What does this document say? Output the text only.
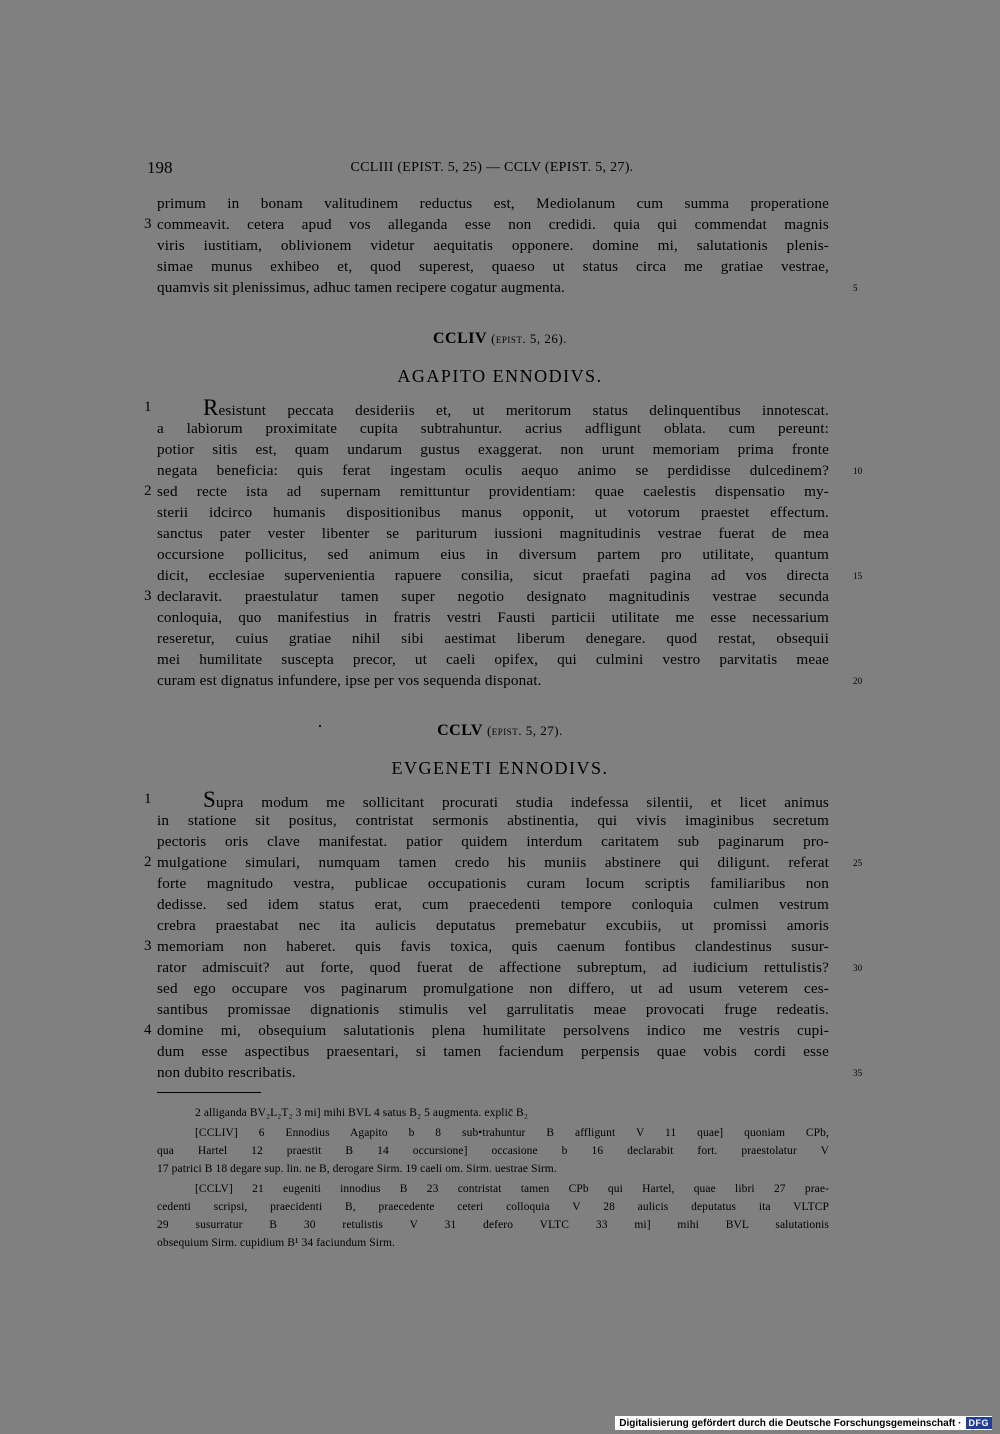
198	CCLIII (EPIST. 5, 25) — CCLV (EPIST. 5, 27).
primum in bonam valitudinem reductus est, Mediolanum cum summa properatione
3 commeavit. cetera apud vos alleganda esse non credidi. quia qui commendat magnis
viris iustitiam, oblivionem videtur aequitatis opponere. domine mi, salutationis plenis-
simae munus exhibeo et, quod superest, quaeso ut status circa me gratiae vestrae,
quamvis sit plenissimus, adhuc tamen recipere cogatur augmenta.	5
CCLIV (epist. 5, 26).
AGAPITO ENNODIVS.
1	Resistunt peccata desideriis et, ut meritorum status delinquentibus innotescat.
a labiorum proximitate cupita subtrahuntur. acrius adfligunt oblata. cum pereunt:
potior sitis est, quam undarum gustus exaggerat. non urunt memoriam prima fronte
negata beneficia: quis ferat ingestam oculis aequo animo se perdidisse dulcedinem?	10
2 sed recte ista ad supernam remittuntur providentiam: quae caelestis dispensatio my-
sterii idcirco humanis dispositionibus manus opponit, ut votorum praestet effectum.
sanctus pater vester libenter se pariturum iussioni magnitudinis vestrae fuerat de mea
occursione pollicitus, sed animum eius in diversum partem pro utilitate, quantum
dicit, ecclesiae supervenientia rapuere consilia, sicut praefati pagina ad vos directa	15
3 declaravit. praestulatur tamen super negotio designato magnitudinis vestrae secunda
conloquia, quo manifestius in fratris vestri Fausti particii utilitate me esse necessarium
reseretur, cuius gratiae nihil sibi aestimat liberum denegare. quod restat, obsequii
mei humilitate suscepta precor, ut caeli opifex, qui culmini vestro parvitatis meae
curam est dignatus infundere, ipse per vos sequenda disponat.	20
CCLV (epist. 5, 27).
EVGENETI ENNODIVS.
1	Supra modum me sollicitant procurati studia indefessa silentii, et licet animus
in statione sit positus, contristat sermonis abstinentia, qui vivis imaginibus secretum
pectoris oris clave manifestat. patior quidem interdum caritatem sub paginarum pro-
2 mulgatione simulari, numquam tamen credo his muniis abstinere qui diligunt. referat	25
forte magnitudo vestra, publicae occupationis curam locum scriptis familiaribus non
dedisse. sed idem status erat, cum praecedenti tempore conloquia culmen vestrum
crebra praestabat nec ita aulicis deputatus premebatur excubiis, ut promissi amoris
3 memoriam non haberet. quis favis toxica, quis caenum fontibus clandestinus susur-
rator admiscuit? aut forte, quod fuerat de affectione subreptum, ad iudicium rettulistis?	30
sed ego occupare vos paginarum promulgatione non differo, ut ad usum veterem ces-
santibus promissae dignationis stimulis vel garrulitatis meae provocati fruge redeatis.
4 domine mi, obsequium salutationis plena humilitate persolvens indico me vestris cupi-
dum esse aspectibus praesentari, si tamen faciendum perpensis quae vobis cordi esse
non dubito rescribatis.	35
2 alliganda BV₂L₂T₂ 3 mi] mihi BVL 4 satus B₂ 5 augmenta. explic̄ B₂
[CCLIV] 6 Ennodius Agapito b 8 sub•trahuntur B affligunt V 11 quae] quoniam CPb,
qua Hartel 12 praestit B 14 occursione] occasione b 16 declarabit fort. praestolatur V
17 patrici B 18 degare sup. lin. ne B, derogare Sirm. 19 caeli om. Sirm. uestrae Sirm.
[CCLV] 21 eugeniti innodius B 23 contristat tamen CPb qui Hartel, quae libri 27 prae-
cedenti scripsi, praecidenti B, praecedente ceteri colloquia V 28 aulicis deputatus ita VLTCP
29 susurratur B 30 retulistis V 31 defero VLTC 33 mi] mihi BVL salutationis
obsequium Sirm. cupidium B¹ 34 faciundum Sirm.
Digitalisierung gefördert durch die Deutsche Forschungsgemeinschaft · DFG
